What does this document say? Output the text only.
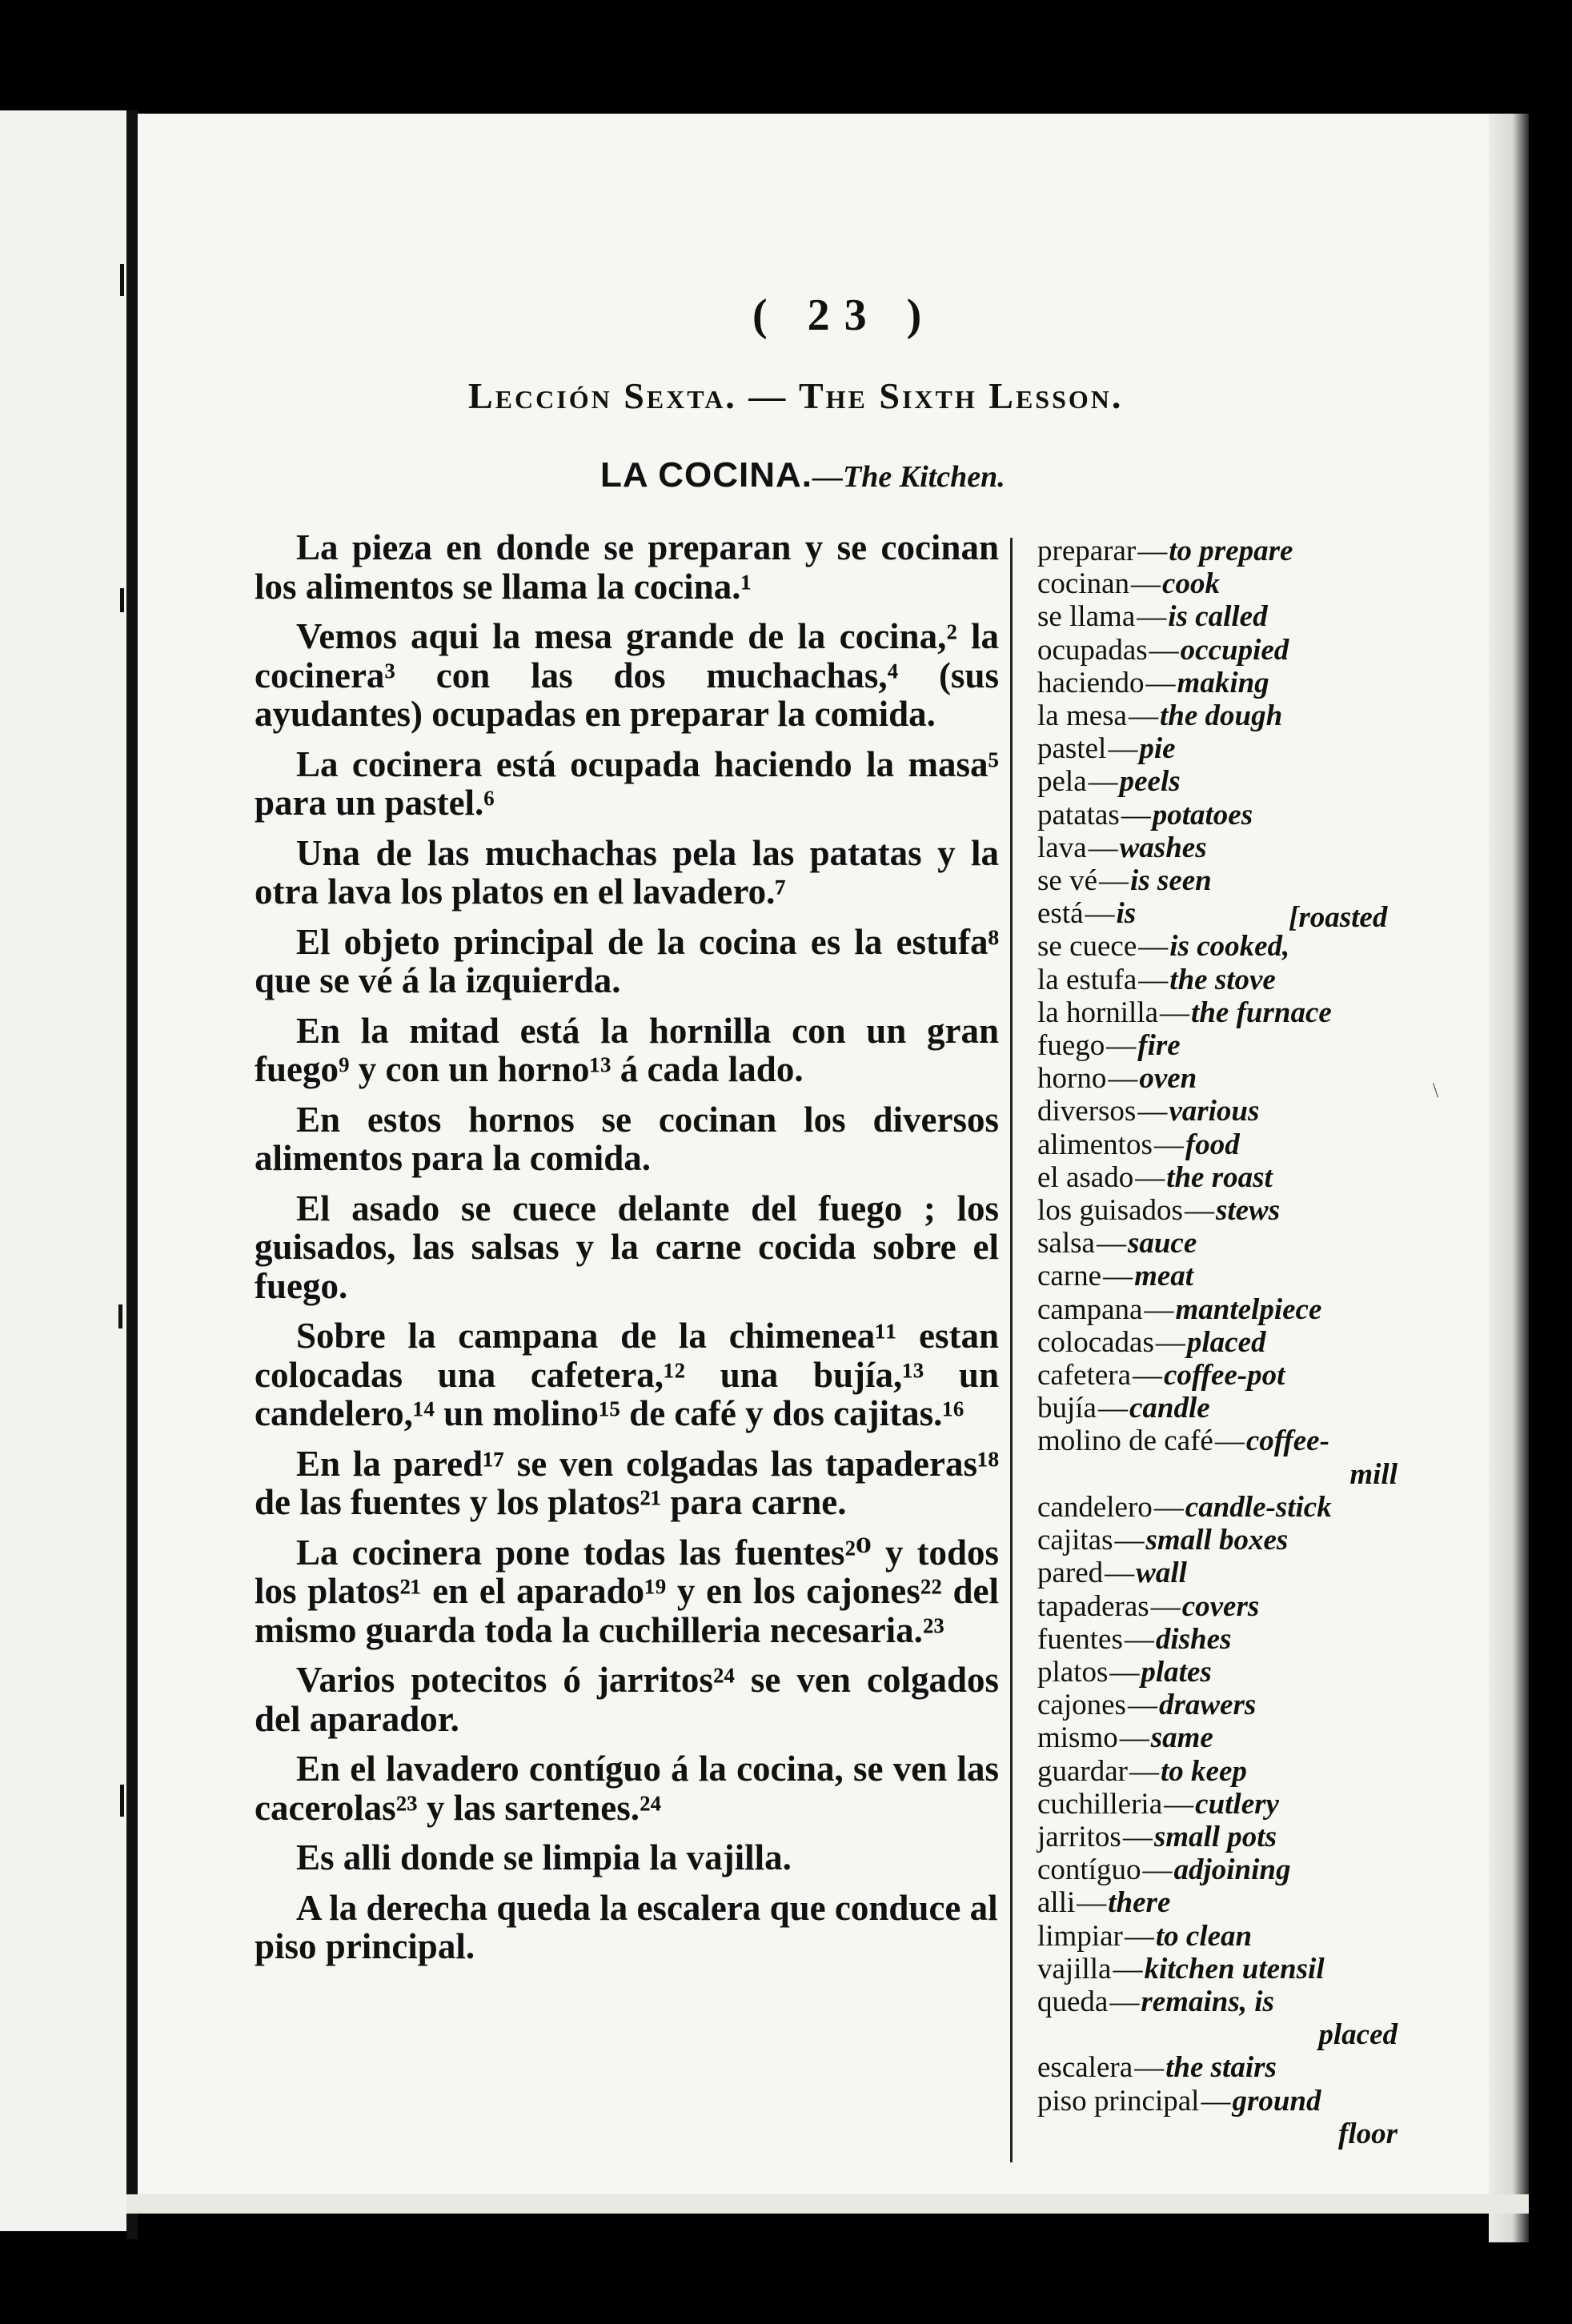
( 23 )
Lección Sexta. — The Sixth Lesson.
LA COCINA.—The Kitchen.

La pieza en donde se preparan y se cocinan los alimentos se llama la cocina.¹

Vemos aqui la mesa grande de la cocina,² la cocinera³ con las dos muchachas,⁴ (sus ayudantes) ocupadas en preparar la comida.

La cocinera está ocupada haciendo la masa⁵ para un pastel.⁶

Una de las muchachas pela las patatas y la otra lava los platos en el lavadero.⁷

El objeto principal de la cocina es la estufa⁸ que se vé á la izquierda.

En la mitad está la hornilla con un gran fuego⁹ y con un horno¹³ á cada lado.

En estos hornos se cocinan los diversos alimentos para la comida.

El asado se cuece delante del fuego ; los guisados, las salsas y la carne cocida sobre el fuego.

Sobre la campana de la chimenea¹¹ estan colocadas una cafetera,¹² una bujía,¹³ un candelero,¹⁴ un molino¹⁵ de café y dos cajitas.¹⁶

En la pared¹⁷ se ven colgadas las tapaderas¹⁸ de las fuentes y los platos²¹ para carne.

La cocinera pone todas las fuentes²⁰ y todos los platos²¹ en el aparado¹⁹ y en los cajones²² del mismo guarda toda la cuchilleria necesaria.²³

Varios potecitos ó jarritos²⁴ se ven colgados del aparador.

En el lavadero contíguo á la cocina, se ven las cacerolas²³ y las sartenes.²⁴

Es alli donde se limpia la vajilla.

A la derecha queda la escalera que conduce al piso principal.

preparar—to prepare
cocinan—cook
se llama—is called
ocupadas—occupied
haciendo—making
la mesa—the dough
pastel—pie
pela—peels
patatas—potatoes
lava—washes
se vé—is seen
está—is
se cuece—is cooked,
la estufa—the stove
la hornilla—the furnace
fuego—fire
horno—oven
diversos—various
alimentos—food
el asado—the roast
los guisados—stews
salsa—sauce
carne—meat
campana—mantelpiece
colocadas—placed
cafetera—coffee-pot
bujía—candle
molino de café—coffee-
mill
candelero—candle-stick
cajitas—small boxes
pared—wall
tapaderas—covers
fuentes—dishes
platos—plates
cajones—drawers
mismo—same
guardar—to keep
cuchilleria—cutlery
jarritos—small pots
contíguo—adjoining
alli—there
limpiar—to clean
vajilla—kitchen utensil
queda—remains, is
placed
escalera—the stairs
piso principal—ground
floor
[roasted
\
